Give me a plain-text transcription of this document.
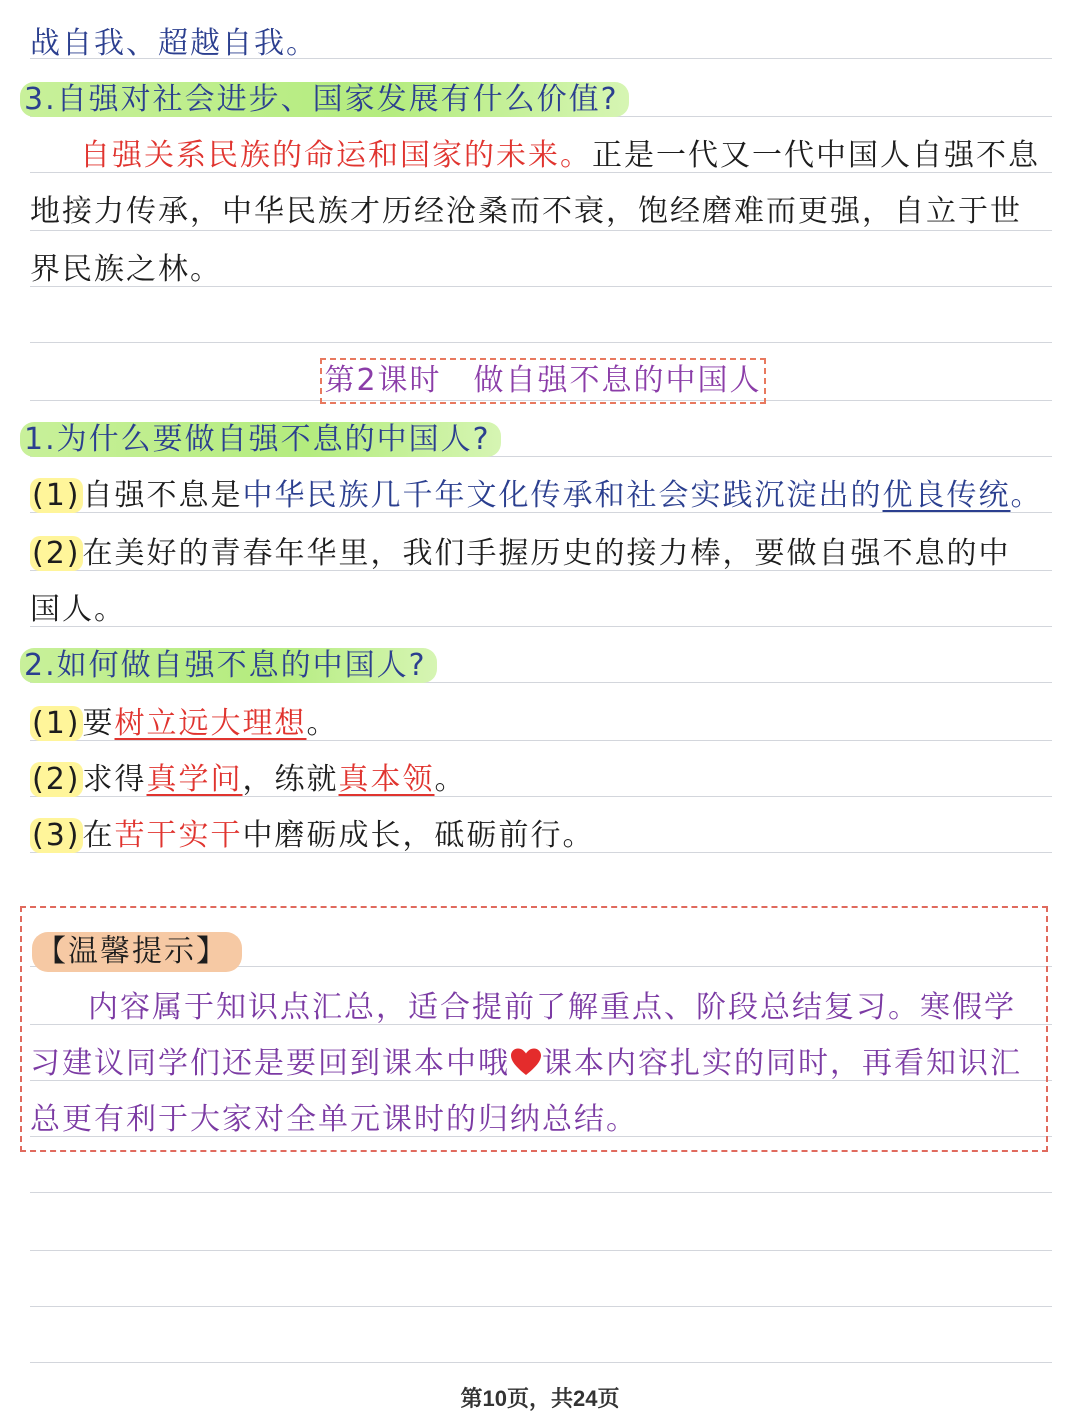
战自我、超越自我。
3.自强对社会进步、国家发展有什么价值?
自强关系民族的命运和国家的未来。正是一代又一代中国人自强不息
地接力传承，中华民族才历经沧桑而不衰，饱经磨难而更强，自立于世
界民族之林。
第2课时　做自强不息的中国人
1.为什么要做自强不息的中国人?
(1)自强不息是中华民族几千年文化传承和社会实践沉淀出的优良传统。
(2)在美好的青春年华里，我们手握历史的接力棒，要做自强不息的中
国人。
2.如何做自强不息的中国人?
(1)要树立远大理想。
(2)求得真学问，练就真本领。
(3)在苦干实干中磨砺成长，砥砺前行。
【温馨提示】
内容属于知识点汇总，适合提前了解重点、阶段总结复习。寒假学
习建议同学们还是要回到课本中哦 课本内容扎实的同时，再看知识汇
总更有利于大家对全单元课时的归纳总结。
第10页，共24页
